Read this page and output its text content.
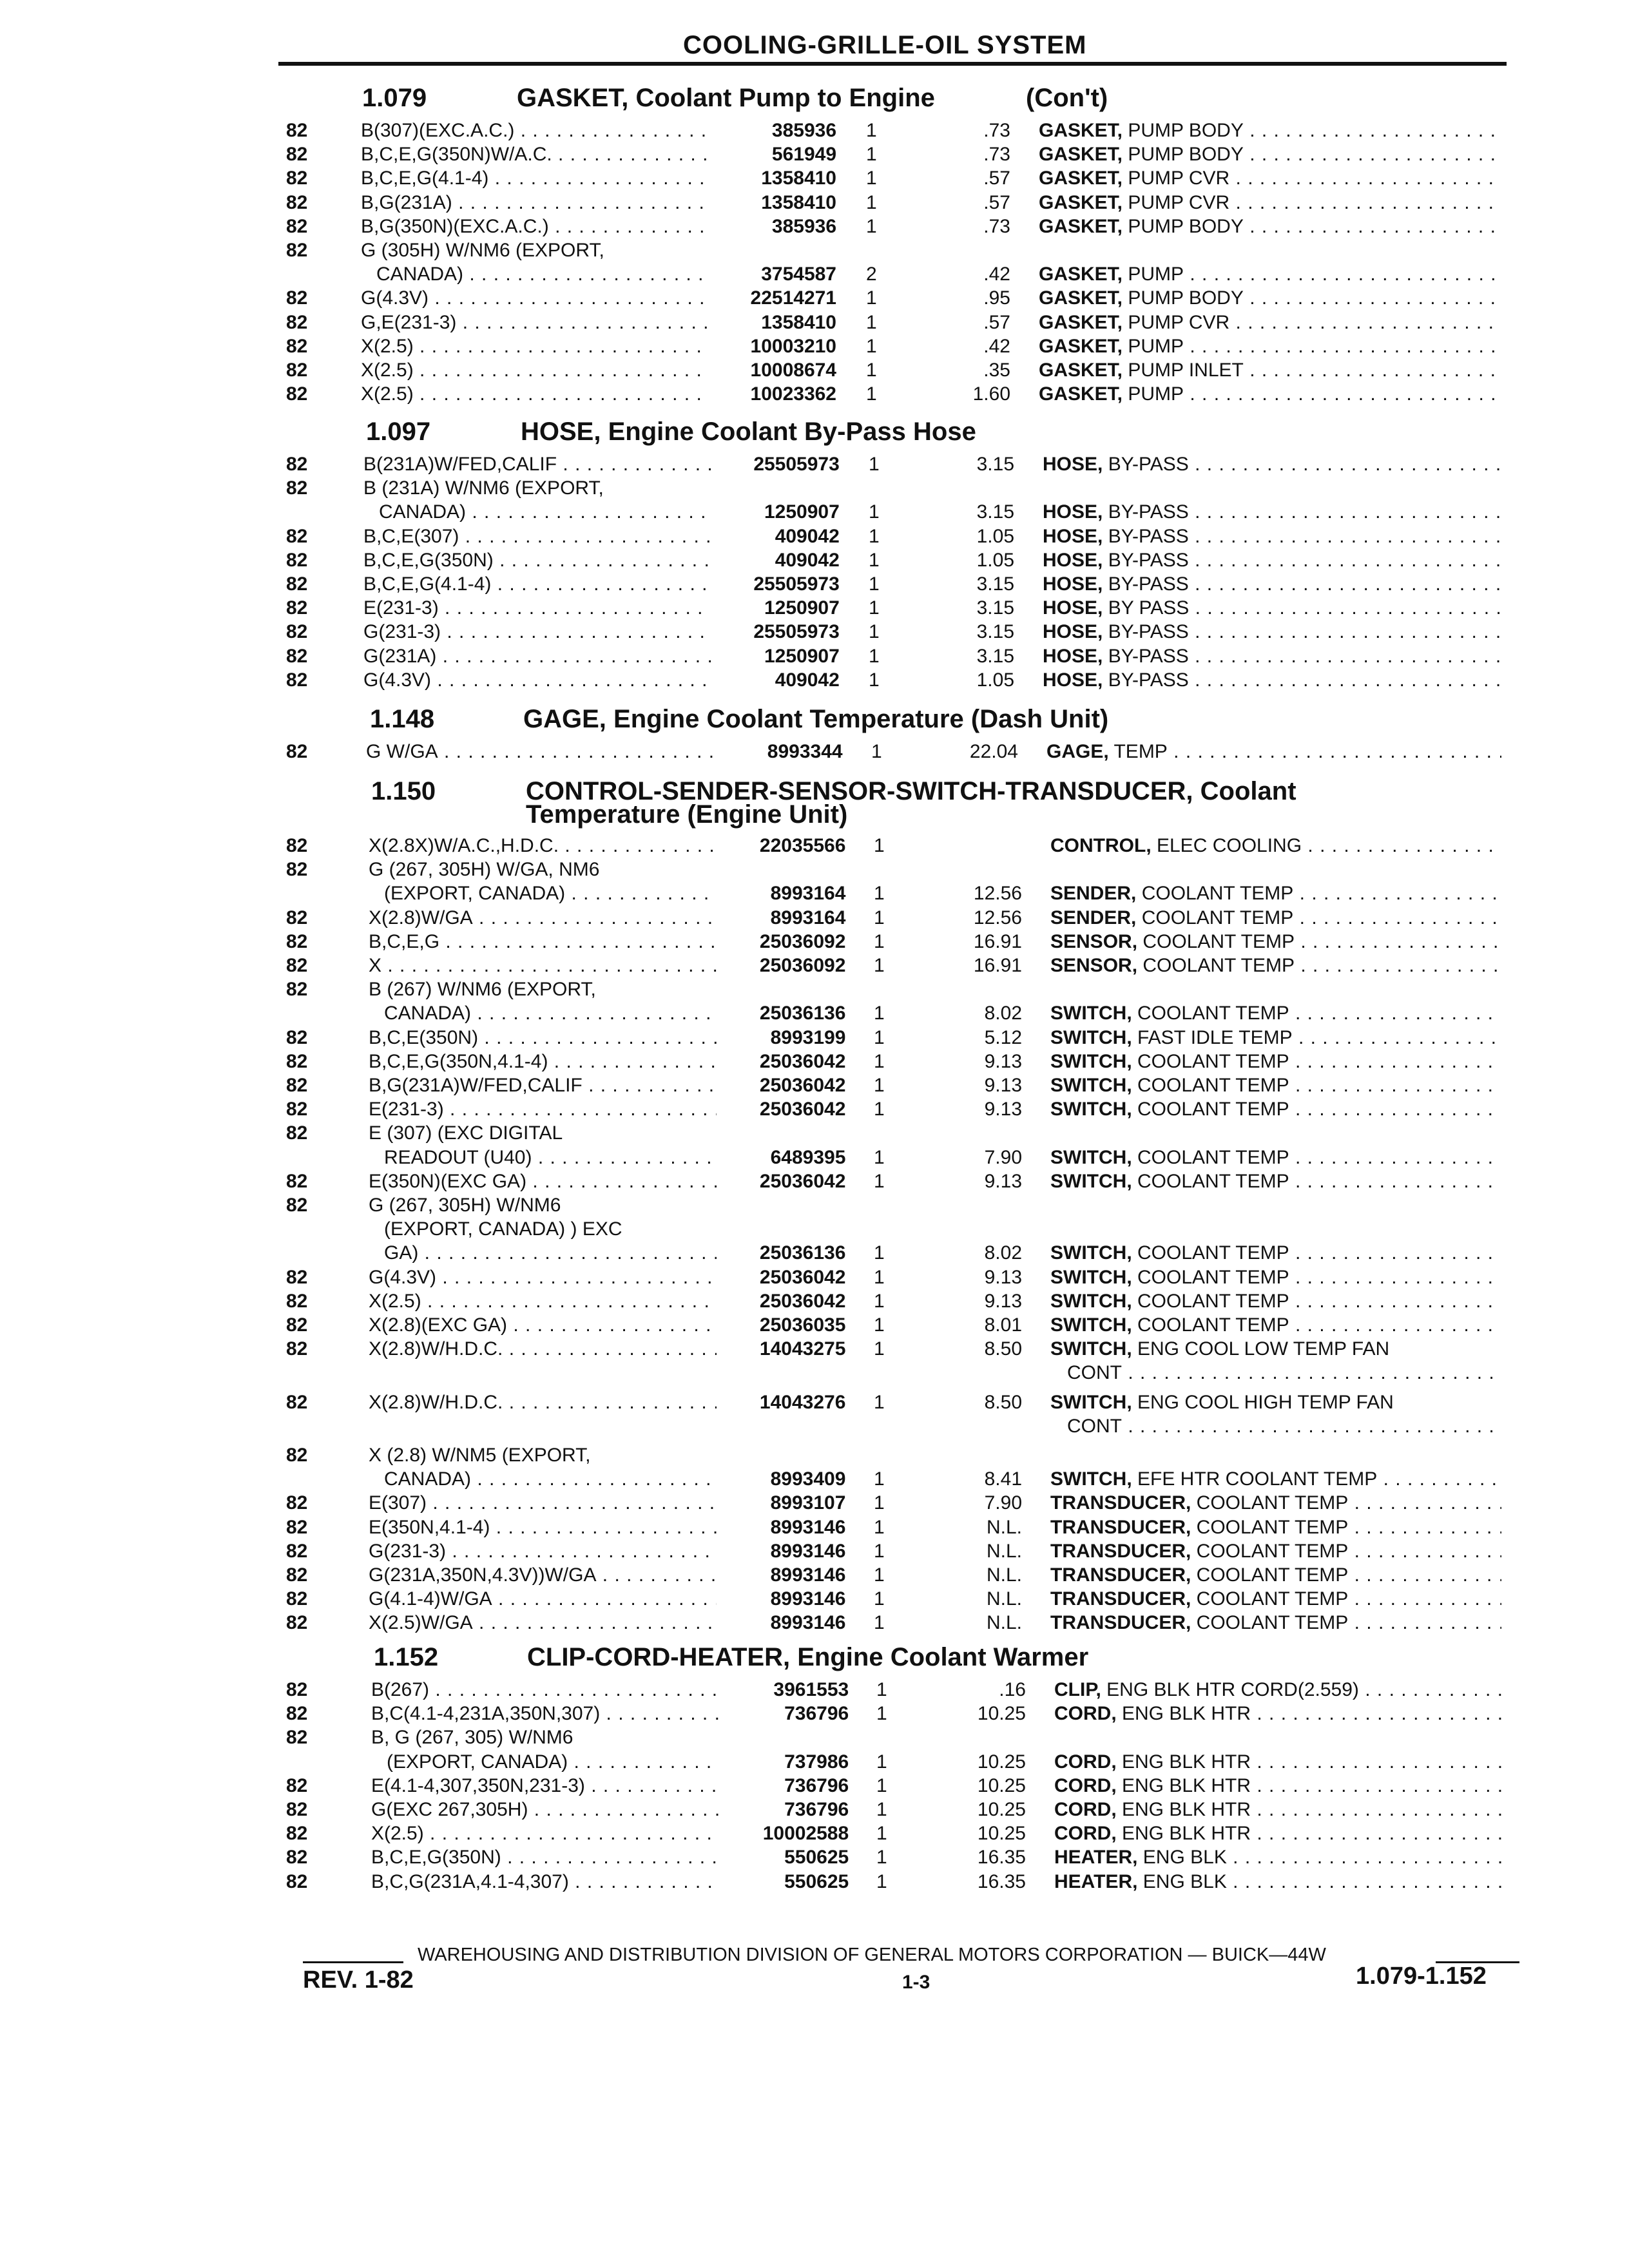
COOLING-GRILLE-OIL SYSTEM
1.079	GASKET, Coolant Pump to Engine	(Con't)
82	B(307)(EXC.A.C.) . . .	385936 1	.73 GASKET, PUMP BODY . . .
82	B,C,E,G(350N)W/A.C. . . .	561949 1	.73 GASKET, PUMP BODY . . .
82	B,C,E,G(4.1-4) . . .	1358410 1	.57 GASKET, PUMP CVR . . .
82	B,G(231A) . . .	1358410 1	.57 GASKET, PUMP CVR . . .
82	B,G(350N)(EXC.A.C.) . . .	385936 1	.73 GASKET, PUMP BODY . . .
82	G (305H) W/NM6 (EXPORT,
CANADA) . . .	3754587 2	.42 GASKET, PUMP . . .
82	G(4.3V) . . .	22514271 1	.95 GASKET, PUMP BODY . . .
82	G,E(231-3) . . .	1358410 1	.57 GASKET, PUMP CVR . . .
82	X(2.5) . . .	10003210 1	.42 GASKET, PUMP . . .
82	X(2.5) . . .	10008674 1	.35 GASKET, PUMP INLET . . .
82	X(2.5) . . .	10023362 1	1.60 GASKET, PUMP . . .
1.097	HOSE, Engine Coolant By-Pass Hose
82	B(231A)W/FED,CALIF . . .	25505973 1	3.15 HOSE, BY-PASS . . .
82	B (231A) W/NM6 (EXPORT,
CANADA) . . .	1250907 1	3.15 HOSE, BY-PASS . . .
82	B,C,E(307) . . .	409042 1	1.05 HOSE, BY-PASS . . .
82	B,C,E,G(350N) . . .	409042 1	1.05 HOSE, BY-PASS . . .
82	B,C,E,G(4.1-4) . . .	25505973 1	3.15 HOSE, BY-PASS . . .
82	E(231-3) . . .	1250907 1	3.15 HOSE, BY PASS . . .
82	G(231-3) . . .	25505973 1	3.15 HOSE, BY-PASS . . .
82	G(231A) . . .	1250907 1	3.15 HOSE, BY-PASS . . .
82	G(4.3V) . . .	409042 1	1.05 HOSE, BY-PASS . . .
1.148	GAGE, Engine Coolant Temperature (Dash Unit)
82	G W/GA . . .	8993344 1	22.04 GAGE, TEMP . . .
1.150	CONTROL-SENDER-SENSOR-SWITCH-TRANSDUCER, Coolant
Temperature (Engine Unit)
82	X(2.8X)W/A.C.,H.D.C. . . .	22035566 1	CONTROL, ELEC COOLING . . .
82	G (267, 305H) W/GA, NM6
(EXPORT, CANADA) . . .	8993164 1	12.56 SENDER, COOLANT TEMP . . .
82	X(2.8)W/GA . . .	8993164 1	12.56 SENDER, COOLANT TEMP . . .
82	B,C,E,G . . .	25036092 1	16.91 SENSOR, COOLANT TEMP . . .
82	X . . .	25036092 1	16.91 SENSOR, COOLANT TEMP . . .
82	B (267) W/NM6 (EXPORT,
CANADA) . . .	25036136 1	8.02 SWITCH, COOLANT TEMP . . .
82	B,C,E(350N) . . .	8993199 1	5.12 SWITCH, FAST IDLE TEMP . . .
82	B,C,E,G(350N,4.1-4) . . .	25036042 1	9.13 SWITCH, COOLANT TEMP . . .
82	B,G(231A)W/FED,CALIF . . .	25036042 1	9.13 SWITCH, COOLANT TEMP . . .
82	E(231-3) . . .	25036042 1	9.13 SWITCH, COOLANT TEMP . . .
82	E (307) (EXC DIGITAL
READOUT (U40) . . .	6489395 1	7.90 SWITCH, COOLANT TEMP . . .
82	E(350N)(EXC GA) . . .	25036042 1	9.13 SWITCH, COOLANT TEMP . . .
82	G (267, 305H) W/NM6
(EXPORT, CANADA) ) EXC
GA) . . .	25036136 1	8.02 SWITCH, COOLANT TEMP . . .
82	G(4.3V) . . .	25036042 1	9.13 SWITCH, COOLANT TEMP . . .
82	X(2.5) . . .	25036042 1	9.13 SWITCH, COOLANT TEMP . . .
82	X(2.8)(EXC GA) . . .	25036035 1	8.01 SWITCH, COOLANT TEMP . . .
82	X(2.8)W/H.D.C. . . .	14043275 1	8.50 SWITCH, ENG COOL LOW TEMP FAN
CONT . . .
82	X(2.8)W/H.D.C. . . .	14043276 1	8.50 SWITCH, ENG COOL HIGH TEMP FAN
CONT . . .
82	X (2.8) W/NM5 (EXPORT,
CANADA) . . .	8993409 1	8.41 SWITCH, EFE HTR COOLANT TEMP . . .
82	E(307) . . .	8993107 1	7.90 TRANSDUCER, COOLANT TEMP . . .
82	E(350N,4.1-4) . . .	8993146 1	N.L. TRANSDUCER, COOLANT TEMP . . .
82	G(231-3) . . .	8993146 1	N.L. TRANSDUCER, COOLANT TEMP . . .
82	G(231A,350N,4.3V))W/GA . . .	8993146 1	N.L. TRANSDUCER, COOLANT TEMP . . .
82	G(4.1-4)W/GA . . .	8993146 1	N.L. TRANSDUCER, COOLANT TEMP . . .
82	X(2.5)W/GA . . .	8993146 1	N.L. TRANSDUCER, COOLANT TEMP . . .
1.152	CLIP-CORD-HEATER, Engine Coolant Warmer
82	B(267) . . .	3961553 1	.16 CLIP, ENG BLK HTR CORD(2.559) . . .
82	B,C(4.1-4,231A,350N,307) . . .	736796 1	10.25 CORD, ENG BLK HTR . . .
82	B, G (267, 305) W/NM6
(EXPORT, CANADA) . . .	737986 1	10.25 CORD, ENG BLK HTR . . .
82	E(4.1-4,307,350N,231-3) . . .	736796 1	10.25 CORD, ENG BLK HTR . . .
82	G(EXC 267,305H) . . .	736796 1	10.25 CORD, ENG BLK HTR . . .
82	X(2.5) . . .	10002588 1	10.25 CORD, ENG BLK HTR . . .
82	B,C,E,G(350N) . . .	550625 1	16.35 HEATER, ENG BLK . . .
82	B,C,G(231A,4.1-4,307) . . .	550625 1	16.35 HEATER, ENG BLK . . .
WAREHOUSING AND DISTRIBUTION DIVISION OF GENERAL MOTORS CORPORATION — BUICK—44W
REV. 1-82	1-3	1.079-1.152
